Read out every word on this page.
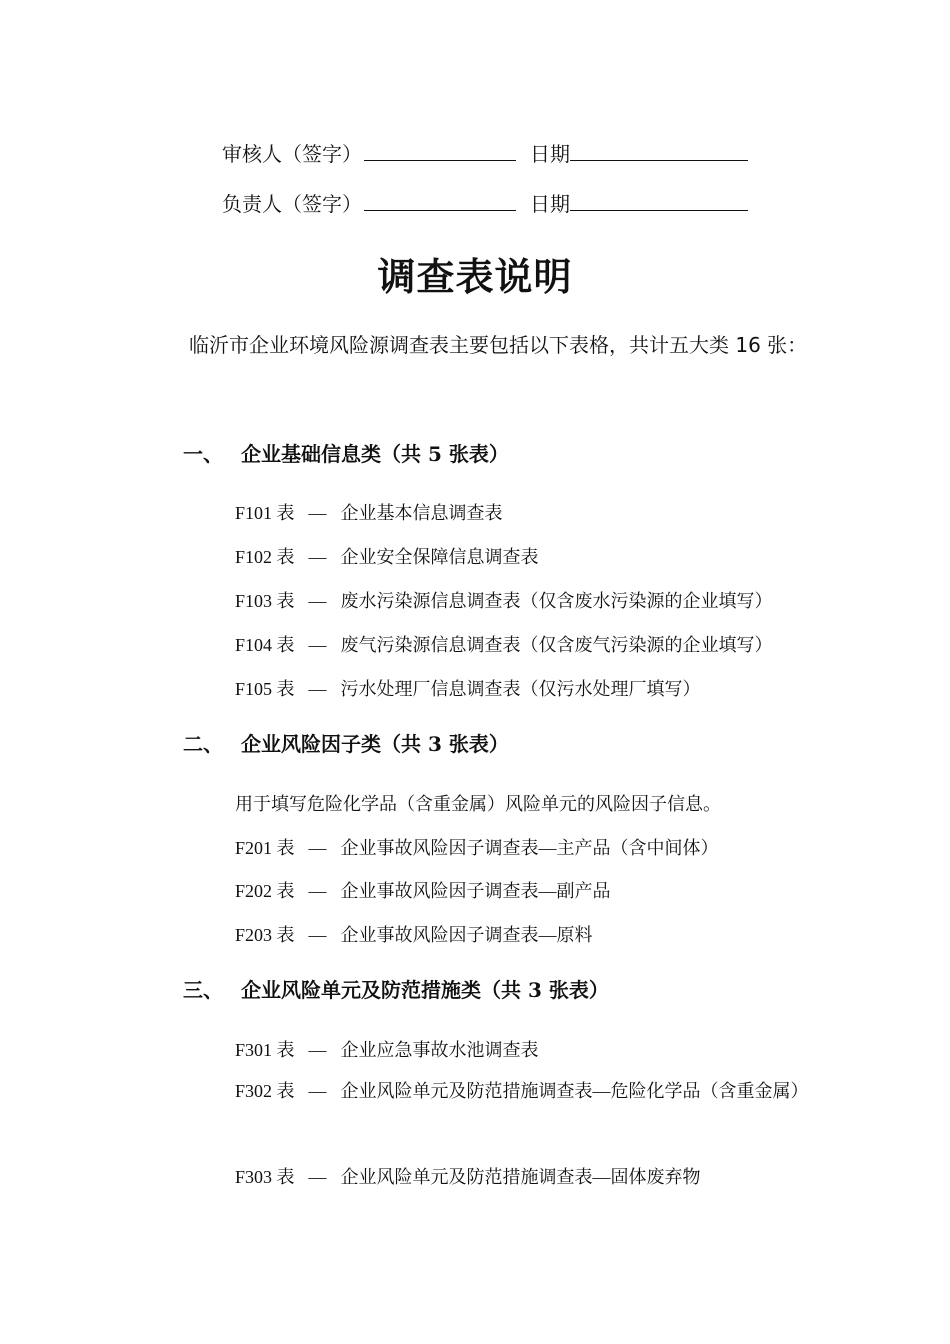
审核人（签字）	日期
负责人（签字）	日期
调查表说明

临沂市企业环境风险源调查表主要包括以下表格，共计五大类 16 张：

一、 企业基础信息类（共 5 张表）
F101 表 — 企业基本信息调查表
F102 表 — 企业安全保障信息调查表
F103 表 — 废水污染源信息调查表（仅含废水污染源的企业填写）
F104 表 — 废气污染源信息调查表（仅含废气污染源的企业填写）
F105 表 — 污水处理厂信息调查表（仅污水处理厂填写）
二、 企业风险因子类（共 3 张表）
用于填写危险化学品（含重金属）风险单元的风险因子信息。
F201 表 — 企业事故风险因子调查表—主产品（含中间体）
F202 表 — 企业事故风险因子调查表—副产品
F203 表 — 企业事故风险因子调查表—原料
三、 企业风险单元及防范措施类（共 3 张表）
F301 表 — 企业应急事故水池调查表

F302 表 — 企业风险单元及防范措施调查表—危险化学品（含重金属）

F303 表 — 企业风险单元及防范措施调查表—固体废弃物
